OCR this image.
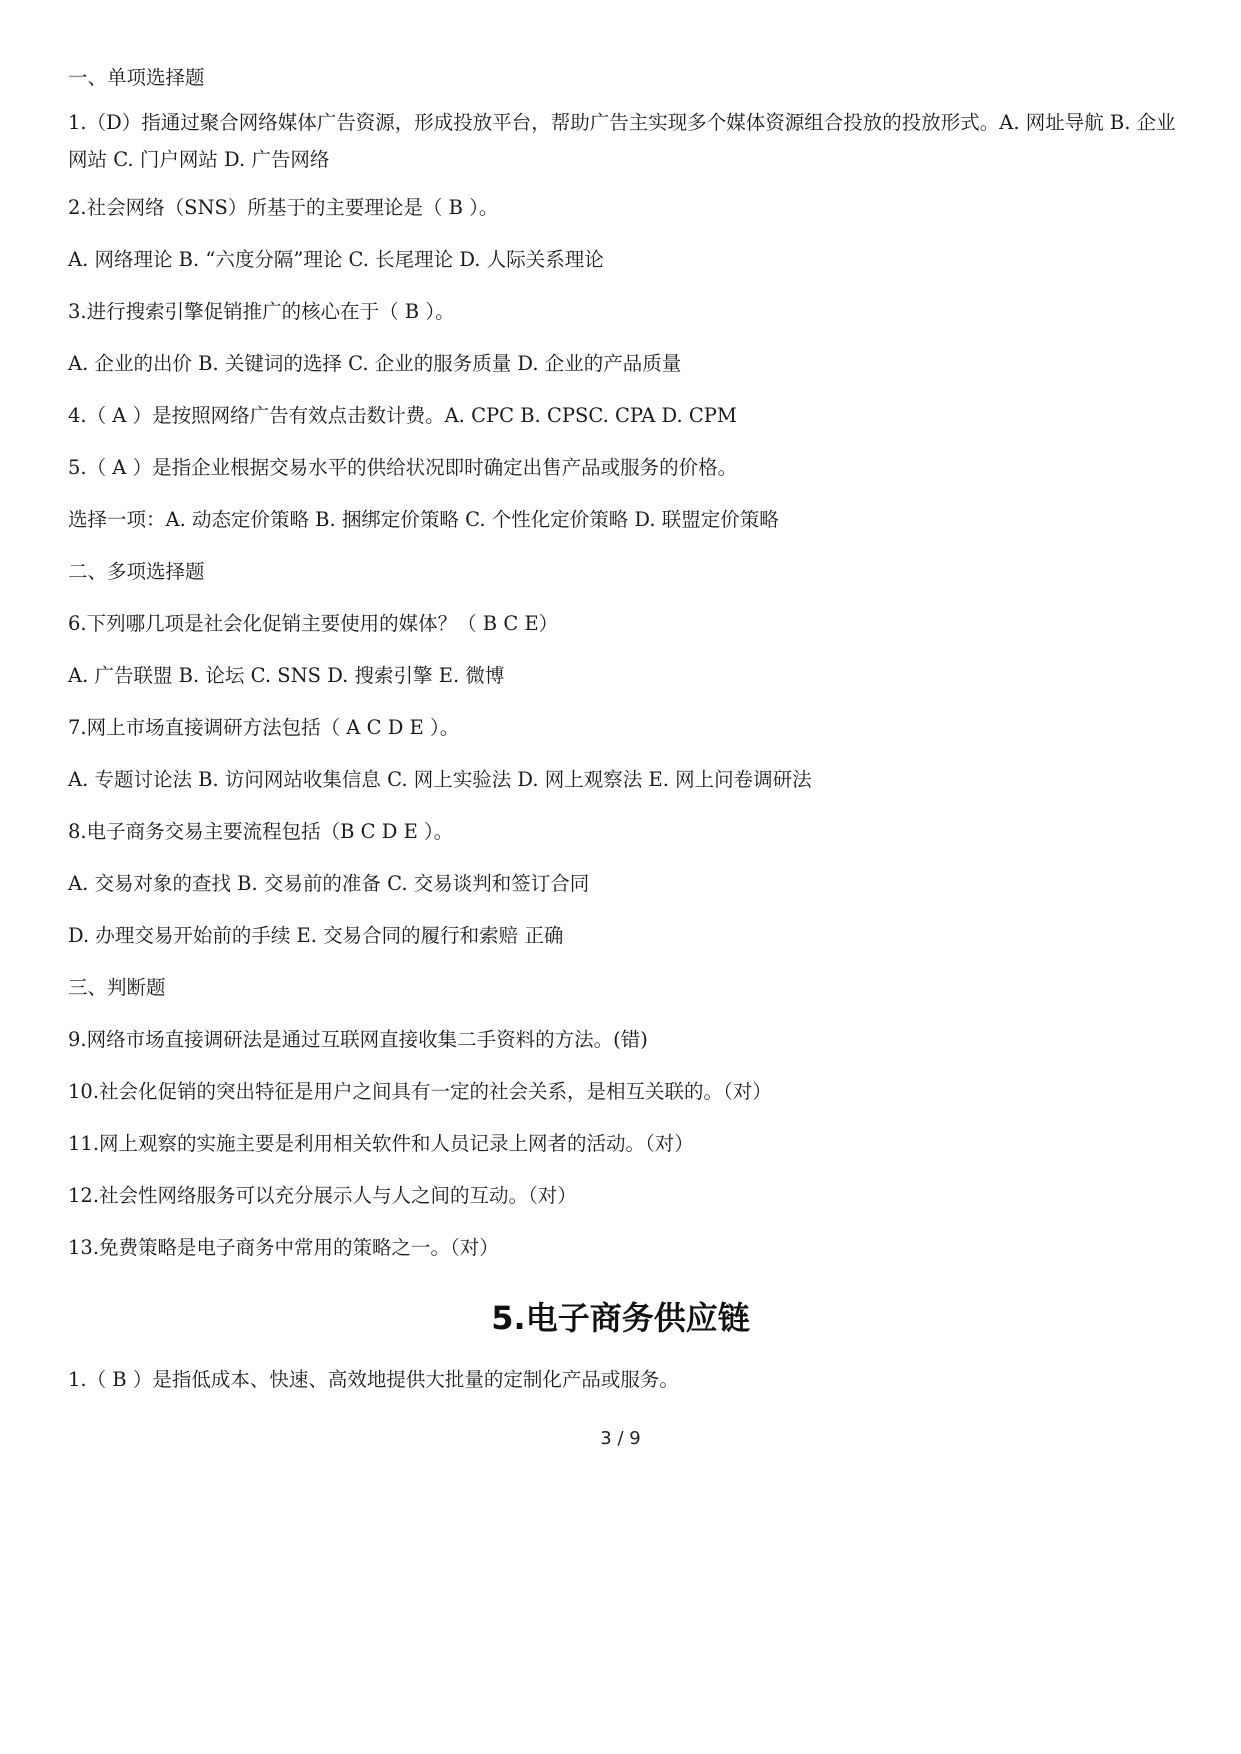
一、单项选择题
1.（D）指通过聚合网络媒体广告资源，形成投放平台，帮助广告主实现多个媒体资源组合投放的投放形式。A. 网址导航 B. 企业网站 C. 门户网站 D. 广告网络
2.社会网络（SNS）所基于的主要理论是（ B ）。
A. 网络理论 B. “六度分隔”理论 C. 长尾理论 D. 人际关系理论
3.进行搜索引擎促销推广的核心在于（ B ）。
A. 企业的出价 B. 关键词的选择 C. 企业的服务质量 D. 企业的产品质量
4.（ A ）是按照网络广告有效点击数计费。A. CPC B. CPSC. CPA D. CPM
5.（ A ）是指企业根据交易水平的供给状况即时确定出售产品或服务的价格。
选择一项：A. 动态定价策略 B. 捆绑定价策略 C. 个性化定价策略 D. 联盟定价策略
二、多项选择题
6.下列哪几项是社会化促销主要使用的媒体？（ B C E）
A. 广告联盟 B. 论坛 C. SNS D. 搜索引擎 E. 微博
7.网上市场直接调研方法包括（ A C D E ）。
A. 专题讨论法 B. 访问网站收集信息 C. 网上实验法 D. 网上观察法 E. 网上问卷调研法
8.电子商务交易主要流程包括（B C D E ）。
A. 交易对象的查找 B. 交易前的准备 C. 交易谈判和签订合同
D. 办理交易开始前的手续 E. 交易合同的履行和索赔 正确
三、判断题
9.网络市场直接调研法是通过互联网直接收集二手资料的方法。(错)
10.社会化促销的突出特征是用户之间具有一定的社会关系，是相互关联的。（对）
11.网上观察的实施主要是利用相关软件和人员记录上网者的活动。（对）
12.社会性网络服务可以充分展示人与人之间的互动。（对）
13.免费策略是电子商务中常用的策略之一。（对）
5.电子商务供应链
1.（ B ）是指低成本、快速、高效地提供大批量的定制化产品或服务。
3 / 9
